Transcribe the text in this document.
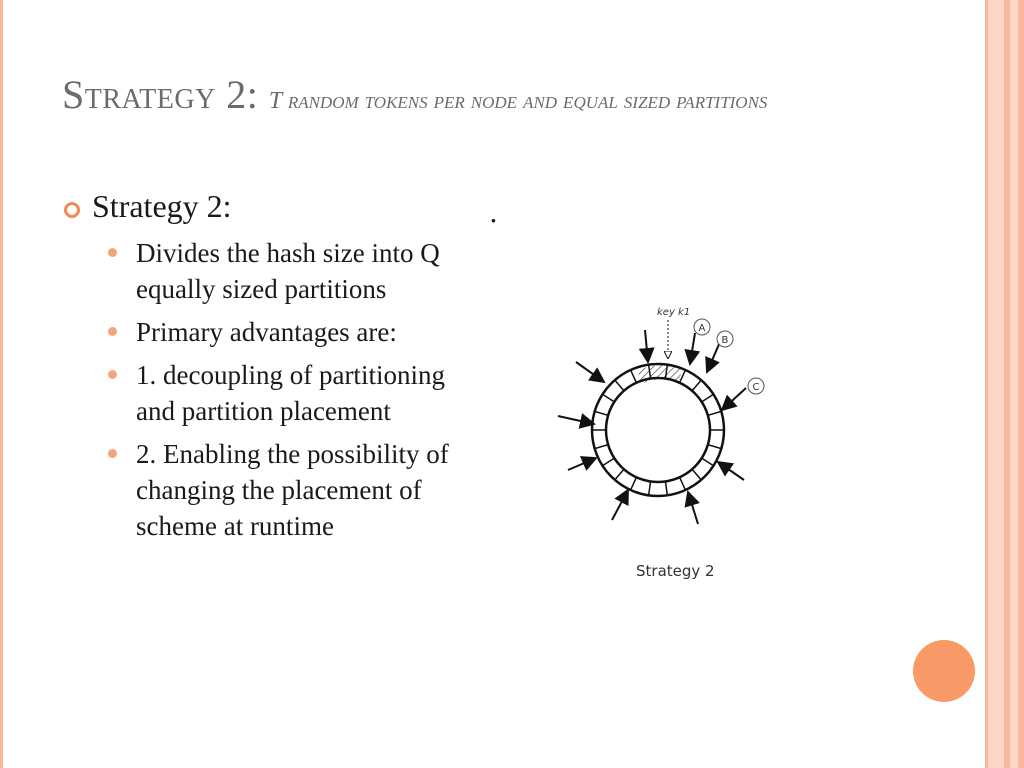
Strategy 2: T random tokens per node and equal sized partitions
Strategy 2:
Divides the hash size into Q equally sized partitions
Primary advantages are:
1. decoupling of partitioning and partition placement
2. Enabling the possibility of changing the placement of scheme at runtime
.
key k1
A
B
C
Strategy 2
